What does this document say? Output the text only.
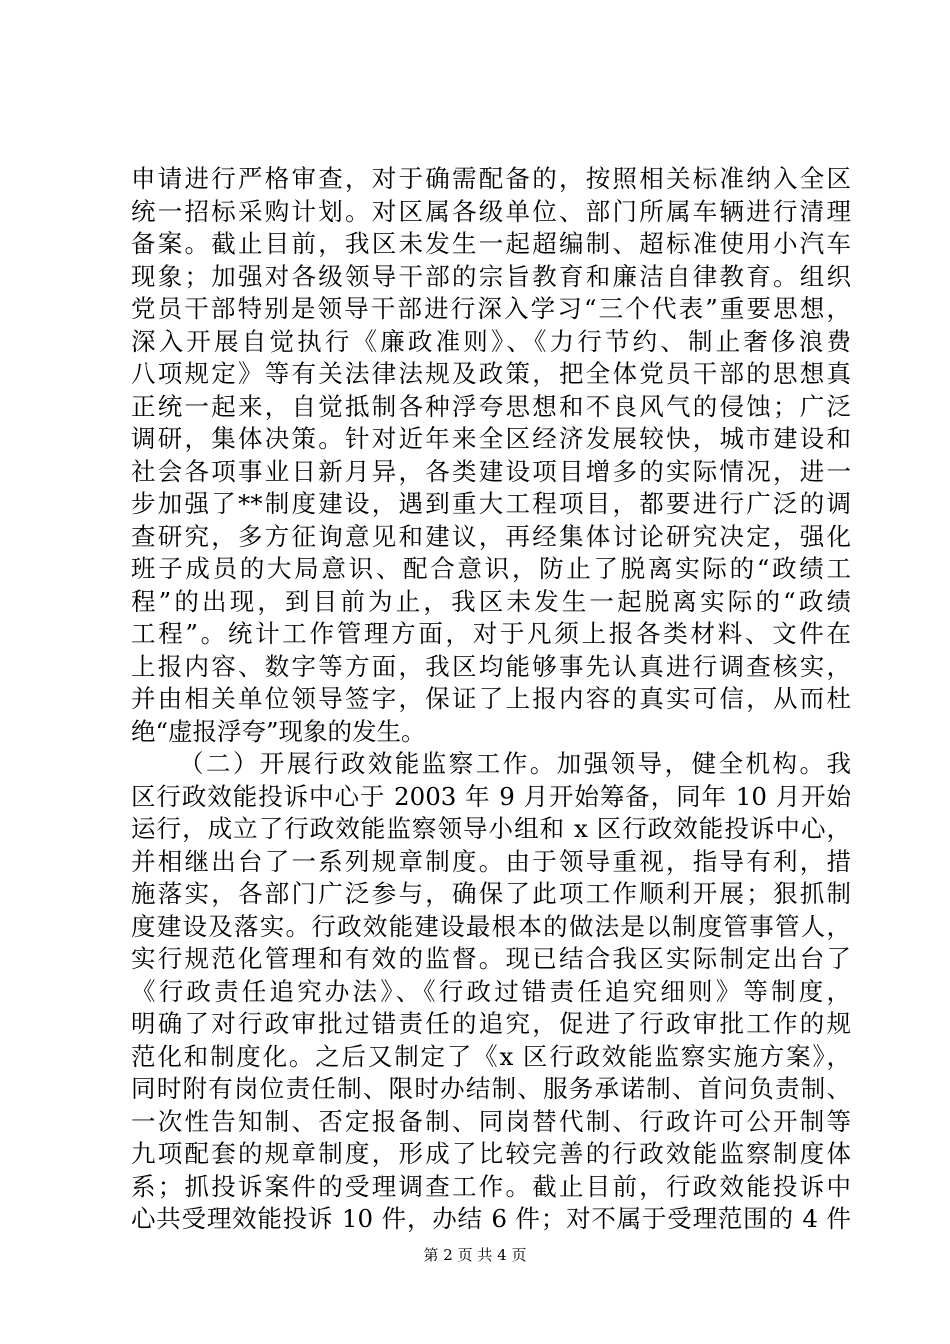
申请进行严格审查，对于确需配备的，按照相关标准纳入全区
统一招标采购计划。对区属各级单位、部门所属车辆进行清理
备案。截止目前，我区未发生一起超编制、超标准使用小汽车
现象；加强对各级领导干部的宗旨教育和廉洁自律教育。组织
党员干部特别是领导干部进行深入学习“三个代表”重要思想，
深入开展自觉执行《廉政准则》、《力行节约、制止奢侈浪费
八项规定》等有关法律法规及政策，把全体党员干部的思想真
正统一起来，自觉抵制各种浮夸思想和不良风气的侵蚀；广泛
调研，集体决策。针对近年来全区经济发展较快，城市建设和
社会各项事业日新月异，各类建设项目增多的实际情况，进一
步加强了**制度建设，遇到重大工程项目，都要进行广泛的调
查研究，多方征询意见和建议，再经集体讨论研究决定，强化
班子成员的大局意识、配合意识，防止了脱离实际的“政绩工
程”的出现，到目前为止，我区未发生一起脱离实际的“政绩
工程”。统计工作管理方面，对于凡须上报各类材料、文件在
上报内容、数字等方面，我区均能够事先认真进行调查核实，
并由相关单位领导签字，保证了上报内容的真实可信，从而杜
绝“虚报浮夸”现象的发生。
（二）开展行政效能监察工作。加强领导，健全机构。我
区行政效能投诉中心于 2003 年 9 月开始筹备，同年 10 月开始
运行，成立了行政效能监察领导小组和 x 区行政效能投诉中心，
并相继出台了一系列规章制度。由于领导重视，指导有利，措
施落实，各部门广泛参与，确保了此项工作顺利开展；狠抓制
度建设及落实。行政效能建设最根本的做法是以制度管事管人，
实行规范化管理和有效的监督。现已结合我区实际制定出台了
《行政责任追究办法》、《行政过错责任追究细则》等制度，
明确了对行政审批过错责任的追究，促进了行政审批工作的规
范化和制度化。之后又制定了《x 区行政效能监察实施方案》，
同时附有岗位责任制、限时办结制、服务承诺制、首问负责制、
一次性告知制、否定报备制、同岗替代制、行政许可公开制等
九项配套的规章制度，形成了比较完善的行政效能监察制度体
系；抓投诉案件的受理调查工作。截止目前，行政效能投诉中
心共受理效能投诉 10 件，办结 6 件；对不属于受理范围的 4 件
第 2 页 共 4 页
